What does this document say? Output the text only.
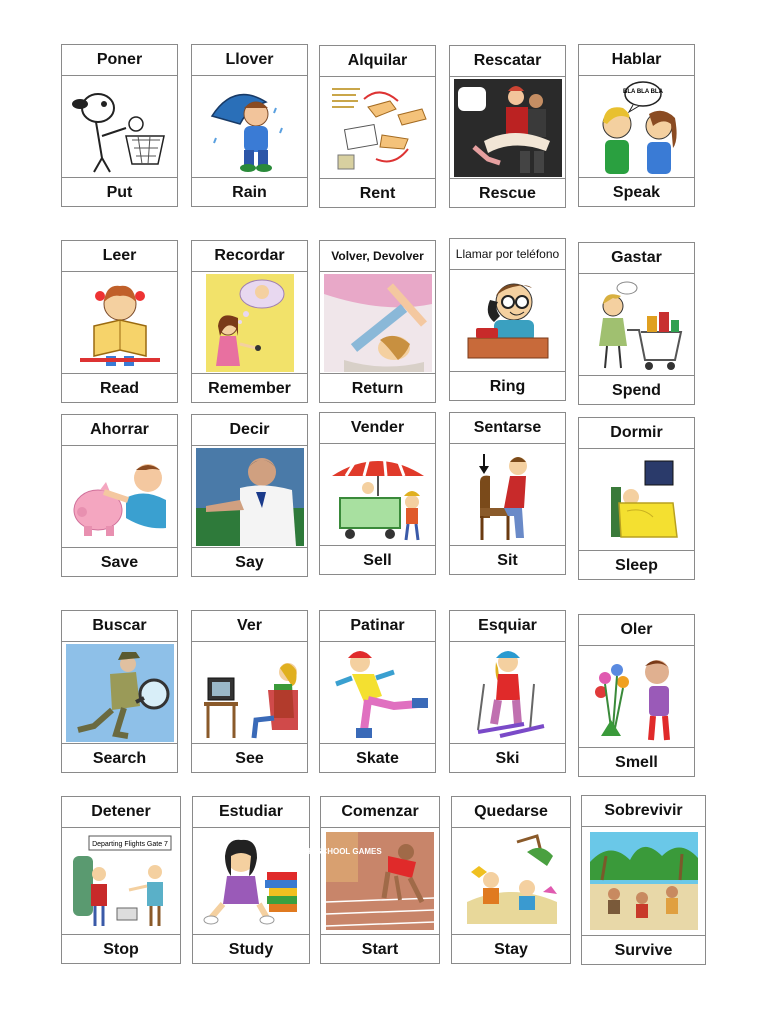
Poner
Put
Llover
Rain
Alquilar
Rent
Rescatar
Rescue
Hablar
BLA BLA BLA
Speak
Leer
Read
Recordar
Remember
Volver, Devolver
Return
Llamar por teléfono
Ring
Gastar
Spend
Ahorrar
Save
Decir
Say
Vender
Sell
Sentarse
Sit
Dormir
Sleep
Buscar
Search
Ver
See
Patinar
Skate
Esquiar
Ski
Oler
Smell
Detener
Departing Flights Gate 7
Stop
Estudiar
Study
Comenzar
UK SCHOOL GAMES
Start
Quedarse
Stay
Sobrevivir
Survive
